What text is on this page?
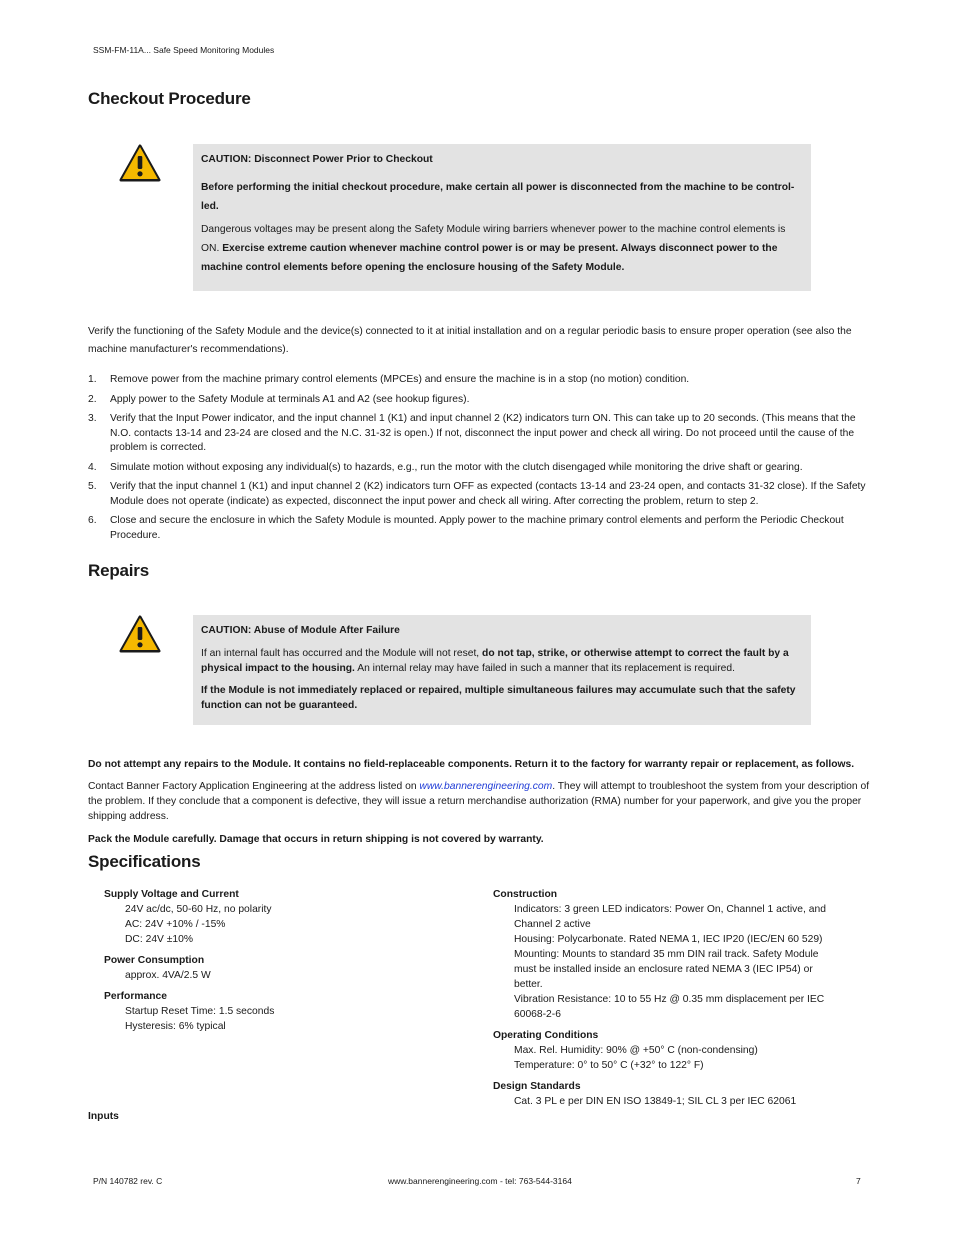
SSM-FM-11A... Safe Speed Monitoring Modules
Checkout Procedure

CAUTION: Disconnect Power Prior to Checkout

Before performing the initial checkout procedure, make certain all power is disconnected from the machine to be control-led.

Dangerous voltages may be present along the Safety Module wiring barriers whenever power to the machine control elements is ON. Exercise extreme caution whenever machine control power is or may be present. Always disconnect power to the machine control elements before opening the enclosure housing of the Safety Module.

Verify the functioning of the Safety Module and the device(s) connected to it at initial installation and on a regular periodic basis to ensure proper operation (see also the machine manufacturer's recommendations).
1. Remove power from the machine primary control elements (MPCEs) and ensure the machine is in a stop (no motion) condition.
2. Apply power to the Safety Module at terminals A1 and A2 (see hookup figures).
3. Verify that the Input Power indicator, and the input channel 1 (K1) and input channel 2 (K2) indicators turn ON. This can take up to 20 seconds. (This means that the N.O. contacts 13-14 and 23-24 are closed and the N.C. 31-32 is open.) If not, disconnect the input power and check all wiring. Do not proceed until the cause of the problem is corrected.
4. Simulate motion without exposing any individual(s) to hazards, e.g., run the motor with the clutch disengaged while monitoring the drive shaft or gearing.
5. Verify that the input channel 1 (K1) and input channel 2 (K2) indicators turn OFF as expected (contacts 13-14 and 23-24 open, and contacts 31-32 close). If the Safety Module does not operate (indicate) as expected, disconnect the input power and check all wiring. After correcting the problem, return to step 2.
6. Close and secure the enclosure in which the Safety Module is mounted. Apply power to the machine primary control elements and perform the Periodic Checkout Procedure.
Repairs

CAUTION: Abuse of Module After Failure

If an internal fault has occurred and the Module will not reset, do not tap, strike, or otherwise attempt to correct the fault by a physical impact to the housing. An internal relay may have failed in such a manner that its replacement is required.

If the Module is not immediately replaced or repaired, multiple simultaneous failures may accumulate such that the safety function can not be guaranteed.

Do not attempt any repairs to the Module. It contains no field-replaceable components. Return it to the factory for warranty repair or replacement, as follows.
Contact Banner Factory Application Engineering at the address listed on www.bannerengineering.com. They will attempt to troubleshoot the system from your description of the problem. If they conclude that a component is defective, they will issue a return merchandise authorization (RMA) number for your paperwork, and give you the proper shipping address.
Pack the Module carefully. Damage that occurs in return shipping is not covered by warranty.
Specifications
Supply Voltage and Current
24V ac/dc, 50-60 Hz, no polarity
AC: 24V +10% / -15%
DC: 24V ±10%
Power Consumption
approx. 4VA/2.5 W
Performance
Startup Reset Time: 1.5 seconds
Hysteresis: 6% typical
Construction
Indicators: 3 green LED indicators: Power On, Channel 1 active, and Channel 2 active
Housing: Polycarbonate. Rated NEMA 1, IEC IP20 (IEC/EN 60 529)
Mounting: Mounts to standard 35 mm DIN rail track. Safety Module must be installed inside an enclosure rated NEMA 3 (IEC IP54) or better.
Vibration Resistance: 10 to 55 Hz @ 0.35 mm displacement per IEC 60068-2-6
Operating Conditions
Max. Rel. Humidity: 90% @ +50° C (non-condensing)
Temperature: 0° to 50° C (+32° to 122° F)
Design Standards
Cat. 3 PL e per DIN EN ISO 13849-1; SIL CL 3 per IEC 62061
Inputs
P/N 140782 rev. C	www.bannerengineering.com - tel: 763-544-3164	7
